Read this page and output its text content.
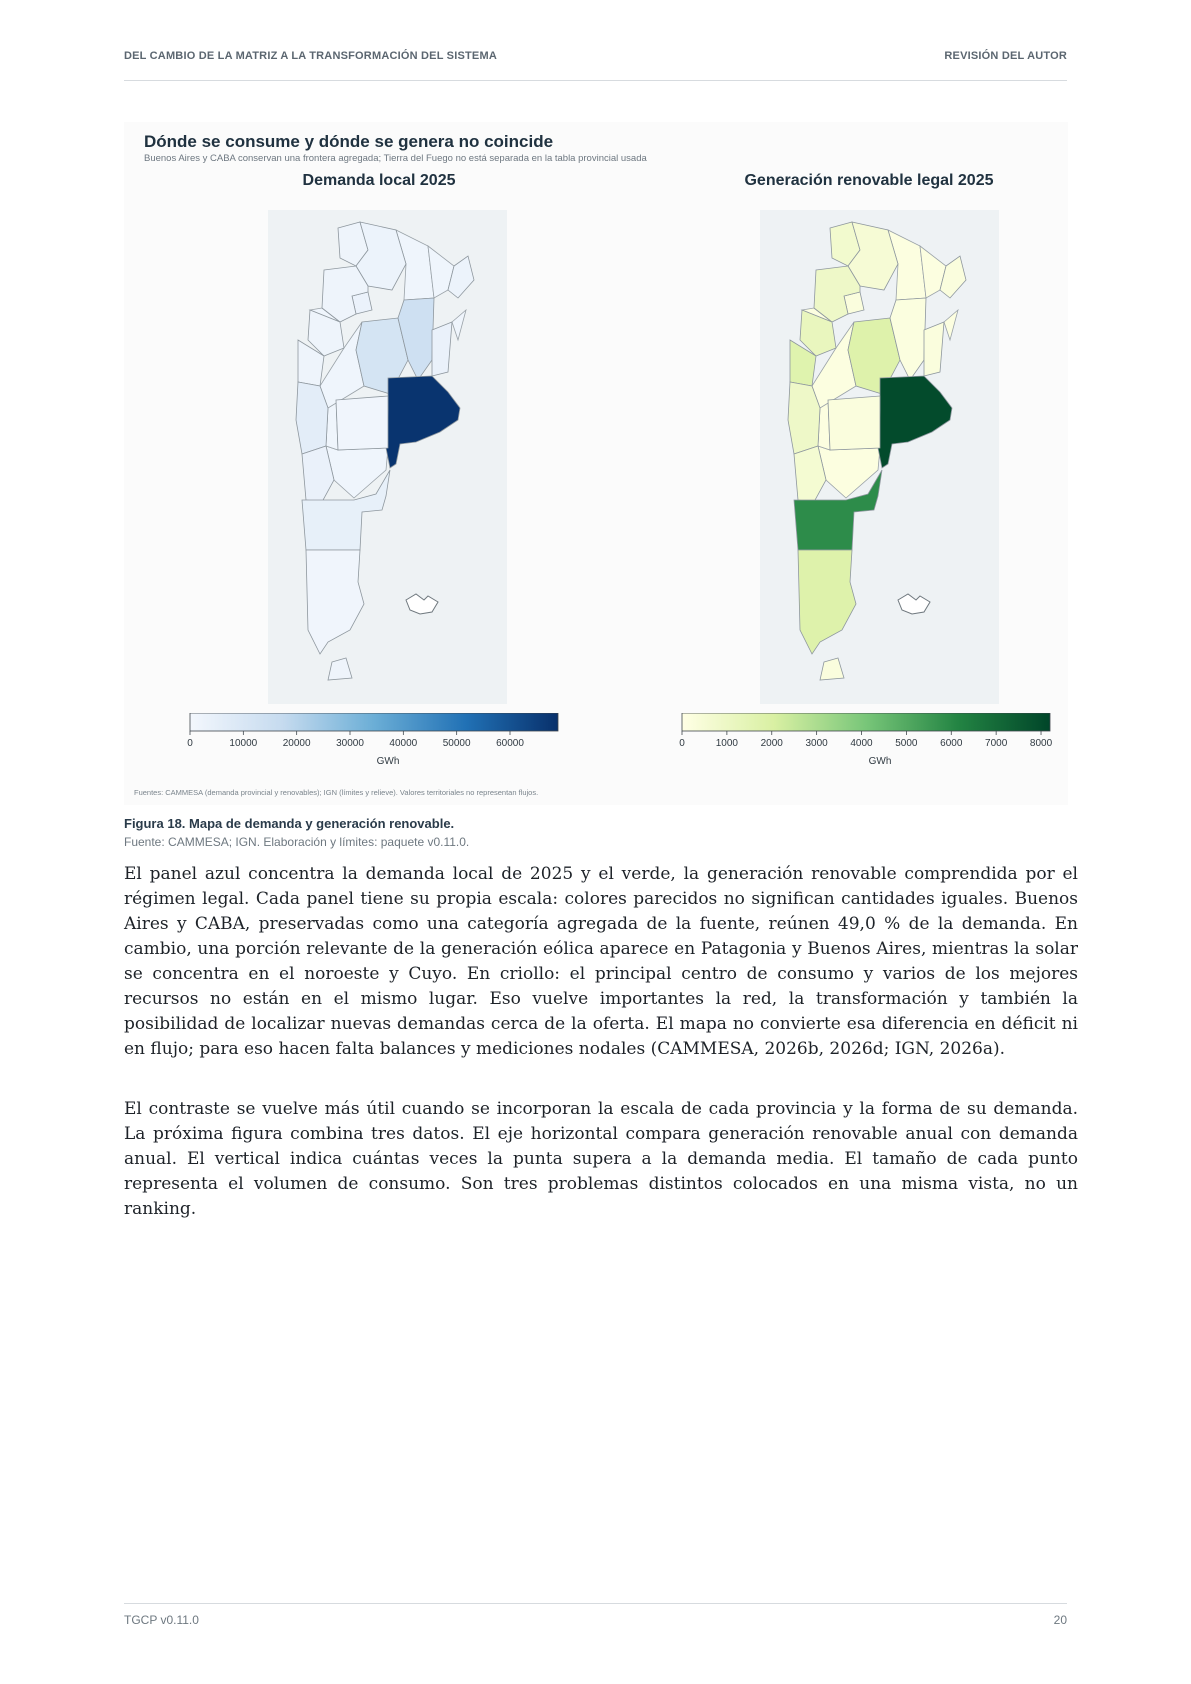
DEL CAMBIO DE LA MATRIZ A LA TRANSFORMACIÓN DEL SISTEMA	REVISIÓN DEL AUTOR
Dónde se consume y dónde se genera no coincide
Buenos Aires y CABA conservan una frontera agregada; Tierra del Fuego no está separada en la tabla provincial usada
Demanda local 2025
0	10000	20000	30000	40000	50000	60000
GWh
Generación renovable legal 2025
0	1000 2000 3000 4000 5000 6000 7000 8000
GWh
Fuentes: CAMMESA (demanda provincial y renovables); IGN (límites y relieve). Valores territoriales no representan flujos.
Figura 18. Mapa de demanda y generación renovable.
Fuente: CAMMESA; IGN. Elaboración y límites: paquete v0.11.0.

El panel azul concentra la demanda local de 2025 y el verde, la generación renovable comprendida por el régimen legal. Cada panel tiene su propia escala: colores parecidos no significan cantidades iguales. Buenos Aires y CABA, preservadas como una categoría agregada de la fuente, reúnen 49,0 % de la demanda. En cambio, una porción relevante de la generación eólica aparece en Patagonia y Buenos Aires, mientras la solar se concentra en el noroeste y Cuyo. En criollo: el principal centro de consumo y varios de los mejores recursos no están en el mismo lugar. Eso vuelve importantes la red, la transformación y también la posibilidad de localizar nuevas demandas cerca de la oferta. El mapa no convierte esa diferencia en déficit ni en flujo; para eso hacen falta balances y mediciones nodales (CAMMESA, 2026b, 2026d; IGN, 2026a).

El contraste se vuelve más útil cuando se incorporan la escala de cada provincia y la forma de su demanda. La próxima figura combina tres datos. El eje horizontal compara generación renovable anual con demanda anual. El vertical indica cuántas veces la punta supera a la demanda media. El tamaño de cada punto representa el volumen de consumo. Son tres problemas distintos colocados en una misma vista, no un ranking.

TGCP v0.11.0	20
